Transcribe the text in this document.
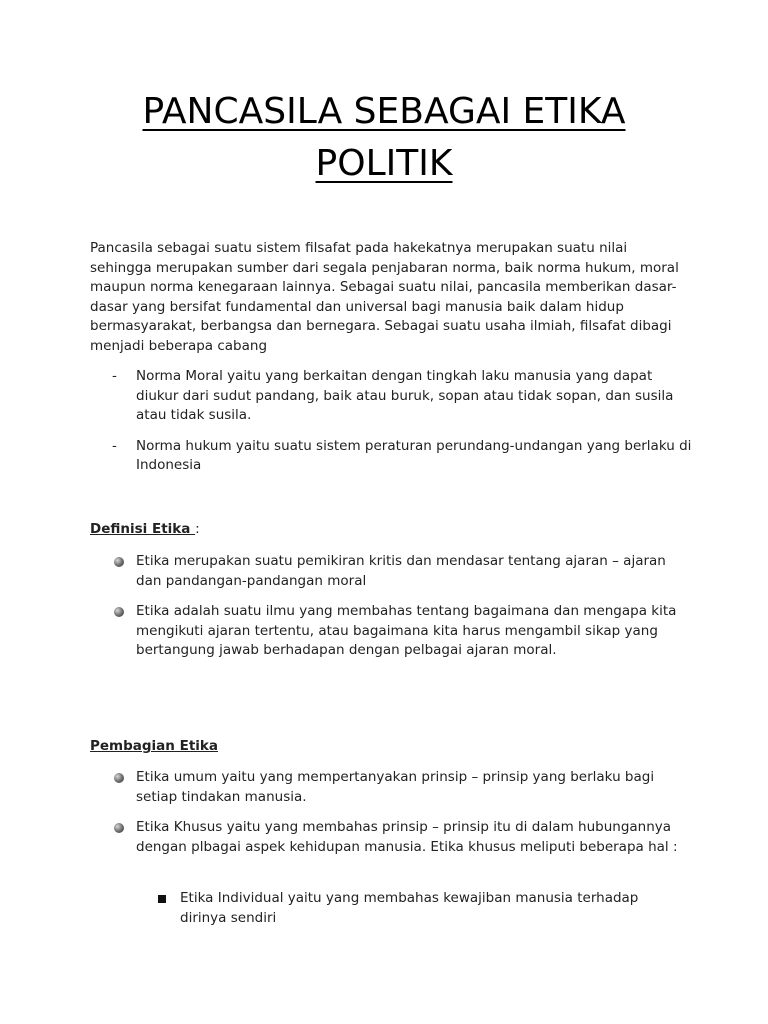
PANCASILA SEBAGAI ETIKA
POLITIK
Pancasila sebagai suatu sistem filsafat pada hakekatnya merupakan suatu nilai sehingga merupakan sumber dari segala penjabaran norma, baik norma hukum, moral maupun norma kenegaraan lainnya. Sebagai suatu nilai, pancasila memberikan dasar-dasar yang bersifat fundamental dan universal bagi manusia baik dalam hidup bermasyarakat, berbangsa dan bernegara. Sebagai suatu usaha ilmiah, filsafat dibagi menjadi beberapa cabang
-	Norma Moral yaitu yang berkaitan dengan tingkah laku manusia yang dapat diukur dari sudut pandang, baik atau buruk, sopan atau tidak sopan, dan susila atau tidak susila.
-	Norma hukum yaitu suatu sistem peraturan perundang-undangan yang berlaku di Indonesia
Definisi Etika :
Etika merupakan suatu pemikiran kritis dan mendasar tentang ajaran – ajaran dan pandangan-pandangan moral
Etika adalah suatu ilmu yang membahas tentang bagaimana dan mengapa kita mengikuti ajaran tertentu, atau bagaimana kita harus mengambil sikap yang bertangung jawab berhadapan dengan pelbagai ajaran moral.
Pembagian Etika
Etika umum yaitu yang mempertanyakan prinsip – prinsip yang berlaku bagi setiap tindakan manusia.
Etika Khusus yaitu yang membahas prinsip – prinsip itu di dalam hubungannya dengan plbagai aspek kehidupan manusia. Etika khusus meliputi beberapa hal :
Etika Individual yaitu yang membahas kewajiban manusia terhadap dirinya sendiri
